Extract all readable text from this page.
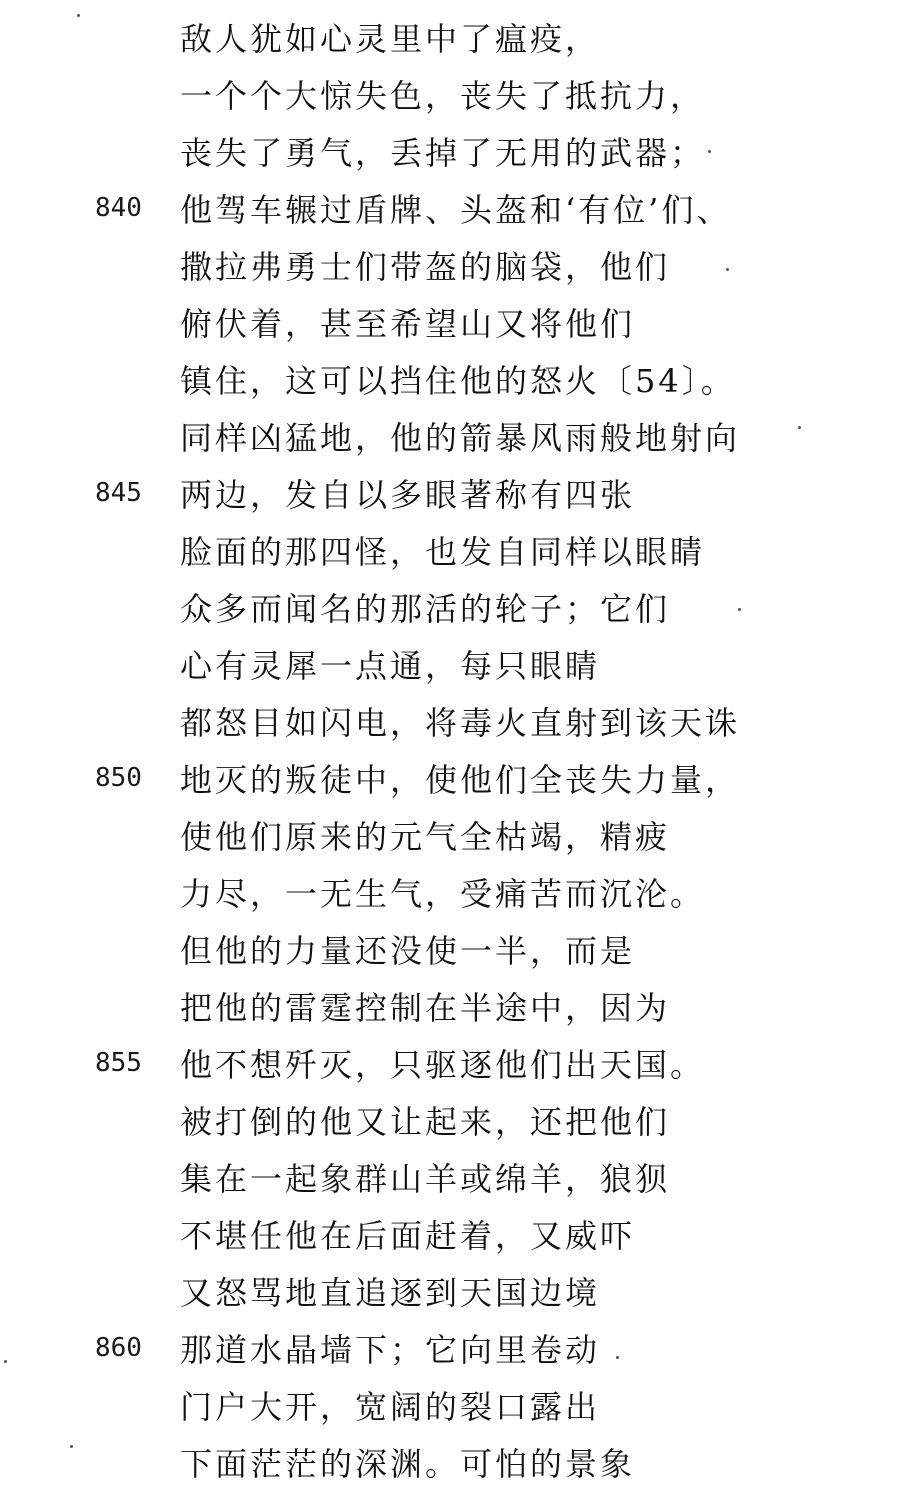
敌人犹如心灵里中了瘟疫，
一个个大惊失色，丧失了抵抗力，
丧失了勇气，丢掉了无用的武器；
840	他驾车辗过盾牌、头盔和‘有位’们、
撒拉弗勇士们带盔的脑袋，他们
俯伏着，甚至希望山又将他们
镇住，这可以挡住他的怒火〔54〕。
同样凶猛地，他的箭暴风雨般地射向
845	两边，发自以多眼著称有四张
脸面的那四怪，也发自同样以眼睛
众多而闻名的那活的轮子；它们
心有灵犀一点通，每只眼睛
都怒目如闪电，将毒火直射到该天诛
850	地灭的叛徒中，使他们全丧失力量，
使他们原来的元气全枯竭，精疲
力尽，一无生气，受痛苦而沉沦。
但他的力量还没使一半，而是
把他的雷霆控制在半途中，因为
855	他不想歼灭，只驱逐他们出天国。
被打倒的他又让起来，还把他们
集在一起象群山羊或绵羊，狼狈
不堪任他在后面赶着，又威吓
又怒骂地直追逐到天国边境
860	那道水晶墙下；它向里卷动
门户大开，宽阔的裂口露出
下面茫茫的深渊。可怕的景象
